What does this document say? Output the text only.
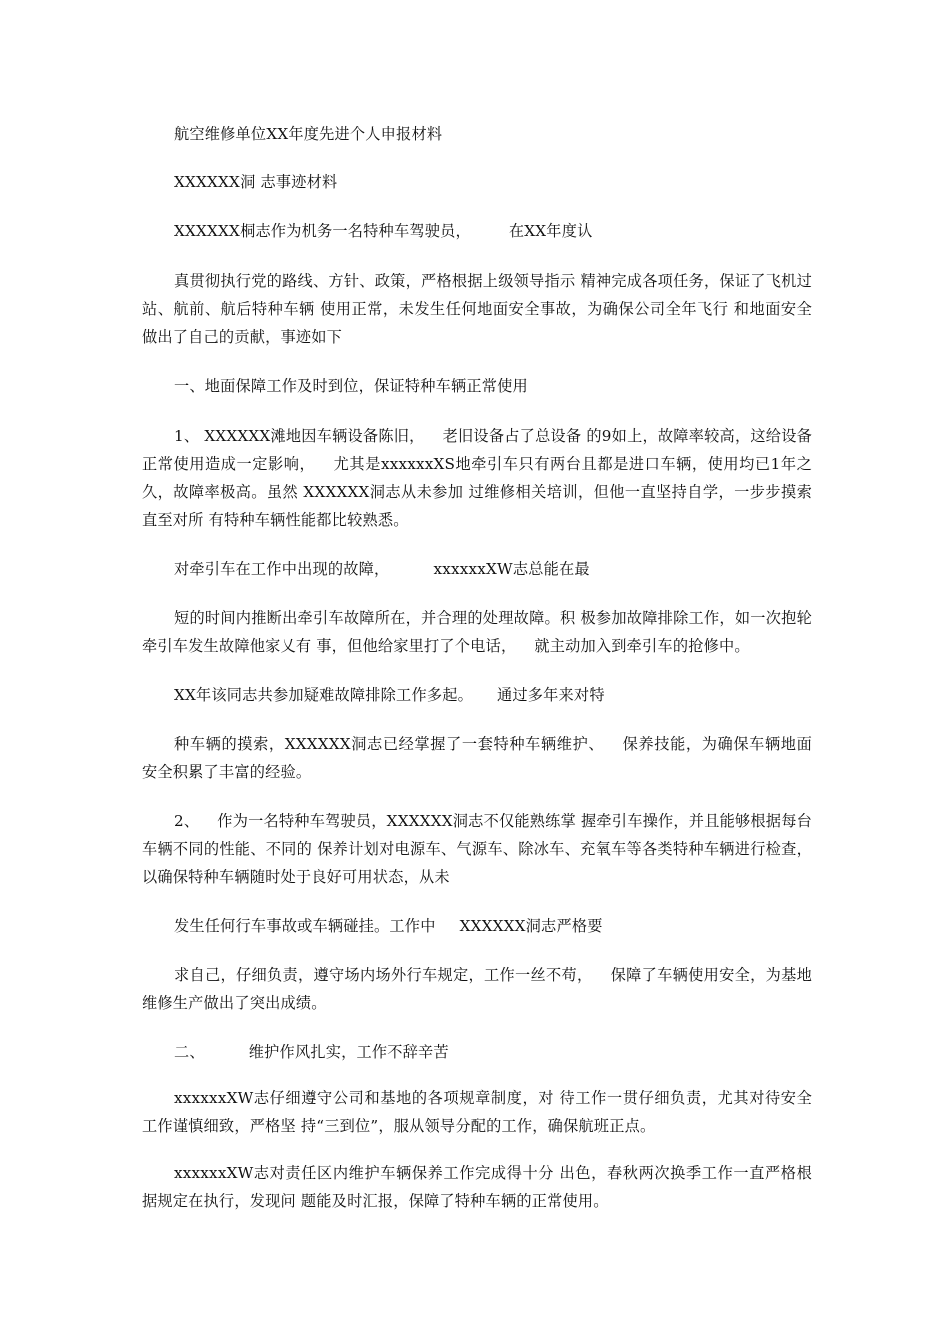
航空维修单位XX年度先进个人申报材料

XXXXXX洞 志事迹材料

XXXXXX桐志作为机务一名特种车驾驶员，	在XX年度认

真贯彻执行党的路线、方针、政策，严格根据上级领导指示 精神完成各项任务，保证了飞机过站、航前、航后特种车辆 使用正常，未发生任何地面安全事故，为确保公司全年飞行 和地面安全做出了自己的贡献，事迹如下

一、地面保障工作及时到位，保证特种车辆正常使用

1、 XXXXXX滩地因车辆设备陈旧， 老旧设备占了总设备 的9如上，故障率较高，这给设备正常使用造成一定影响， 尤其是xxxxxxXS地牵引车只有两台且都是进口车辆，使用均已1年之久，故障率极高。虽然 XXXXXX洞志从未参加 过维修相关培训，但他一直坚持自学，一步步摸索直至对所 有特种车辆性能都比较熟悉。

对牵引车在工作中出现的故障，	xxxxxxXW志总能在最

短的时间内推断出牵引车故障所在，并合理的处理故障。积 极参加故障排除工作，如一次抱轮牵引车发生故障他家乂有 事，但他给家里打了个电话， 就主动加入到牵引车的抢修中。

XX年该同志共参加疑难故障排除工作多起。 通过多年来对特

种车辆的摸索，XXXXXX洞志已经掌握了一套特种车辆维护、 保养技能，为确保车辆地面安全积累了丰富的经验。

2、 作为一名特种车驾驶员，XXXXXX洞志不仅能熟练掌 握牵引车操作，并且能够根据每台车辆不同的性能、不同的 保养计划对电源车、气源车、除冰车、充氧车等各类特种车辆进行检查，以确保特种车辆随时处于良好可用状态，从未

发生任何行车事故或车辆碰挂。工作中 XXXXXX洞志严格要

求自己，仔细负责，遵守场内场外行车规定，工作一丝不苟， 保障了车辆使用安全，为基地维修生产做出了突出成绩。

二、	维护作风扎实，工作不辞辛苦

xxxxxxXW志仔细遵守公司和基地的各项规章制度，对 待工作一贯仔细负责，尤其对待安全工作谨慎细致，严格坚 持“三到位”，服从领导分配的工作，确保航班正点。

xxxxxxXW志对责任区内维护车辆保养工作完成得十分 出色，春秋两次换季工作一直严格根据规定在执行，发现问 题能及时汇报，保障了特种车辆的正常使用。
